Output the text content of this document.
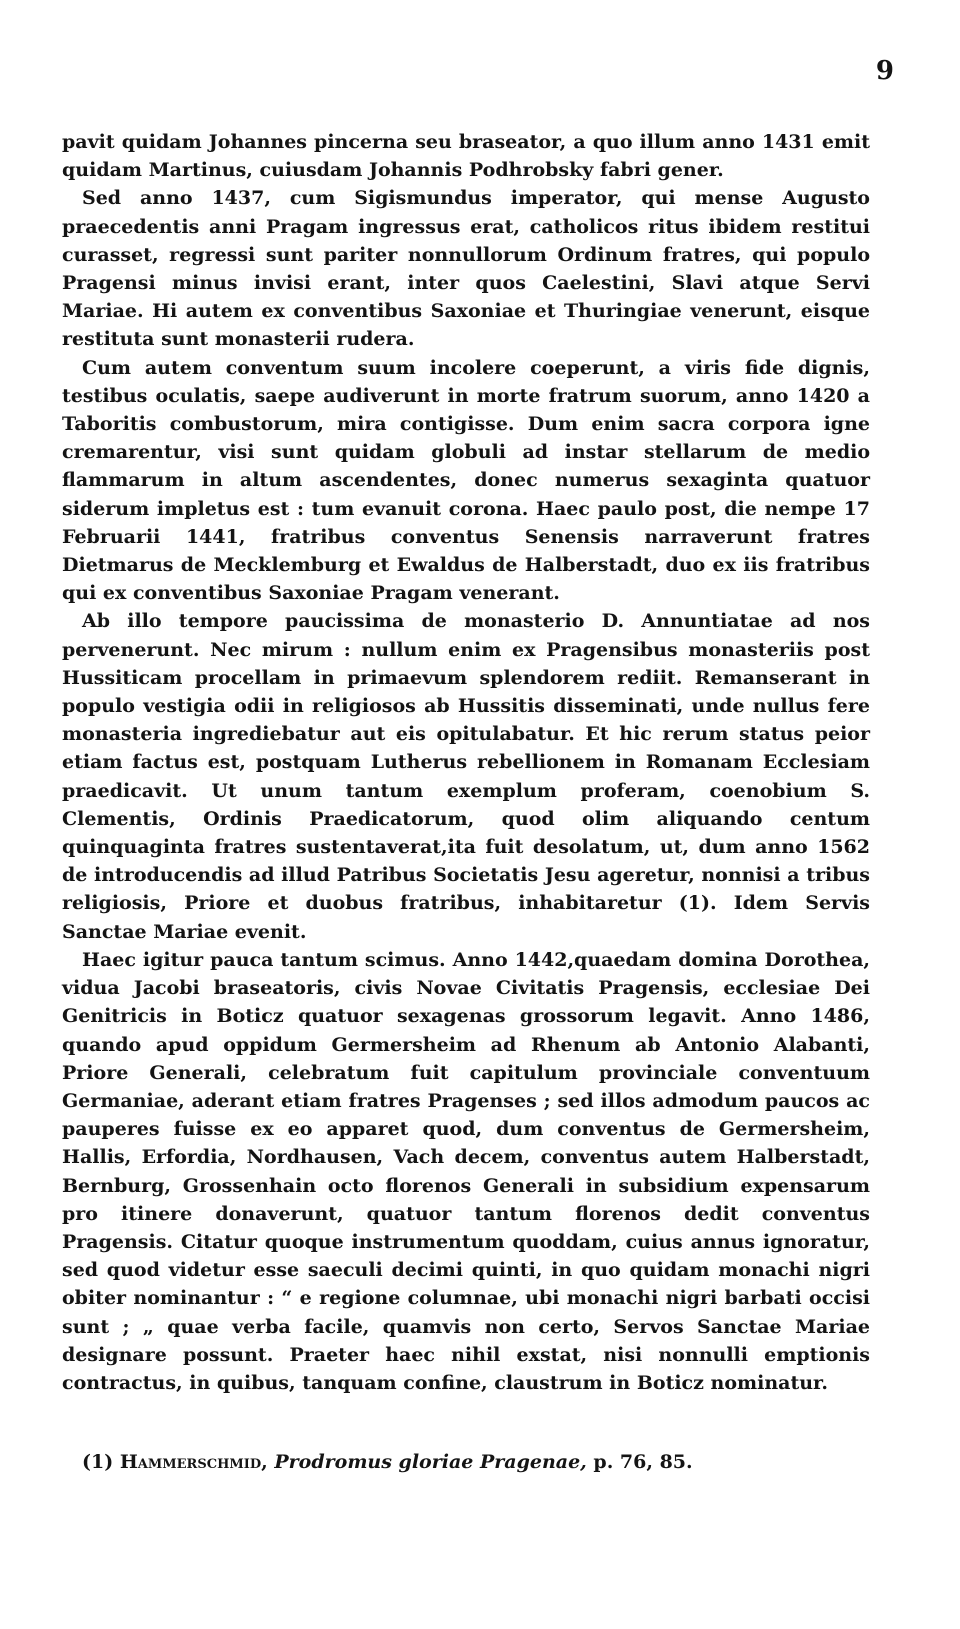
9

pavit quidam Johannes pincerna seu braseator, a quo illum anno 1431 emit quidam Martinus, cuiusdam Johannis Podhrobsky fabri gener.

Sed anno 1437, cum Sigismundus imperator, qui mense Augusto praecedentis anni Pragam ingressus erat, catholicos ritus ibidem restitui curasset, regressi sunt pariter nonnullorum Ordinum fratres, qui populo Pragensi minus invisi erant, inter quos Caelestini, Slavi atque Servi Mariae. Hi autem ex conventibus Saxoniae et Thuringiae venerunt, eisque restituta sunt monasterii rudera.

Cum autem conventum suum incolere coeperunt, a viris fide dignis, testibus oculatis, saepe audiverunt in morte fratrum suorum, anno 1420 a Taboritis combustorum, mira contigisse. Dum enim sacra corpora igne cremarentur, visi sunt quidam globuli ad instar stellarum de medio flammarum in altum ascendentes, donec numerus sexaginta quatuor siderum impletus est : tum evanuit corona. Haec paulo post, die nempe 17 Februarii 1441, fratribus conventus Senensis narraverunt fratres Dietmarus de Mecklemburg et Ewaldus de Halberstadt, duo ex iis fratribus qui ex conventibus Saxoniae Pragam venerant.

Ab illo tempore paucissima de monasterio D. Annuntiatae ad nos pervenerunt. Nec mirum : nullum enim ex Pragensibus monasteriis post Hussiticam procellam in primaevum splendorem rediit. Remanserant in populo vestigia odii in religiosos ab Hussitis disseminati, unde nullus fere monasteria ingrediebatur aut eis opitulabatur. Et hic rerum status peior etiam factus est, postquam Lutherus rebellionem in Romanam Ecclesiam praedicavit. Ut unum tantum exemplum proferam, coenobium S. Clementis, Ordinis Praedicatorum, quod olim aliquando centum quinquaginta fratres sustentaverat,ita fuit desolatum, ut, dum anno 1562 de introducendis ad illud Patribus Societatis Jesu ageretur, nonnisi a tribus religiosis, Priore et duobus fratribus, inhabitaretur (1). Idem Servis Sanctae Mariae evenit.

Haec igitur pauca tantum scimus. Anno 1442,quaedam domina Dorothea, vidua Jacobi braseatoris, civis Novae Civitatis Pragensis, ecclesiae Dei Genitricis in Boticz quatuor sexagenas grossorum legavit. Anno 1486, quando apud oppidum Germersheim ad Rhenum ab Antonio Alabanti, Priore Generali, celebratum fuit capitulum provinciale conventuum Germaniae, aderant etiam fratres Pragenses ; sed illos admodum paucos ac pauperes fuisse ex eo apparet quod, dum conventus de Germersheim, Hallis, Erfordia, Nordhausen, Vach decem, conventus autem Halberstadt, Bernburg, Grossenhain octo florenos Generali in subsidium expensarum pro itinere donaverunt, quatuor tantum florenos dedit conventus Pragensis. Citatur quoque instrumentum quoddam, cuius annus ignoratur, sed quod videtur esse saeculi decimi quinti, in quo quidam monachi nigri obiter nominantur : “ e regione columnae, ubi monachi nigri barbati occisi sunt ; „ quae verba facile, quamvis non certo, Servos Sanctae Mariae designare possunt. Praeter haec nihil exstat, nisi nonnulli emptionis contractus, in quibus, tanquam confine, claustrum in Boticz nominatur.

(1) Hammerschmid, Prodromus gloriae Pragenae, p. 76, 85.
